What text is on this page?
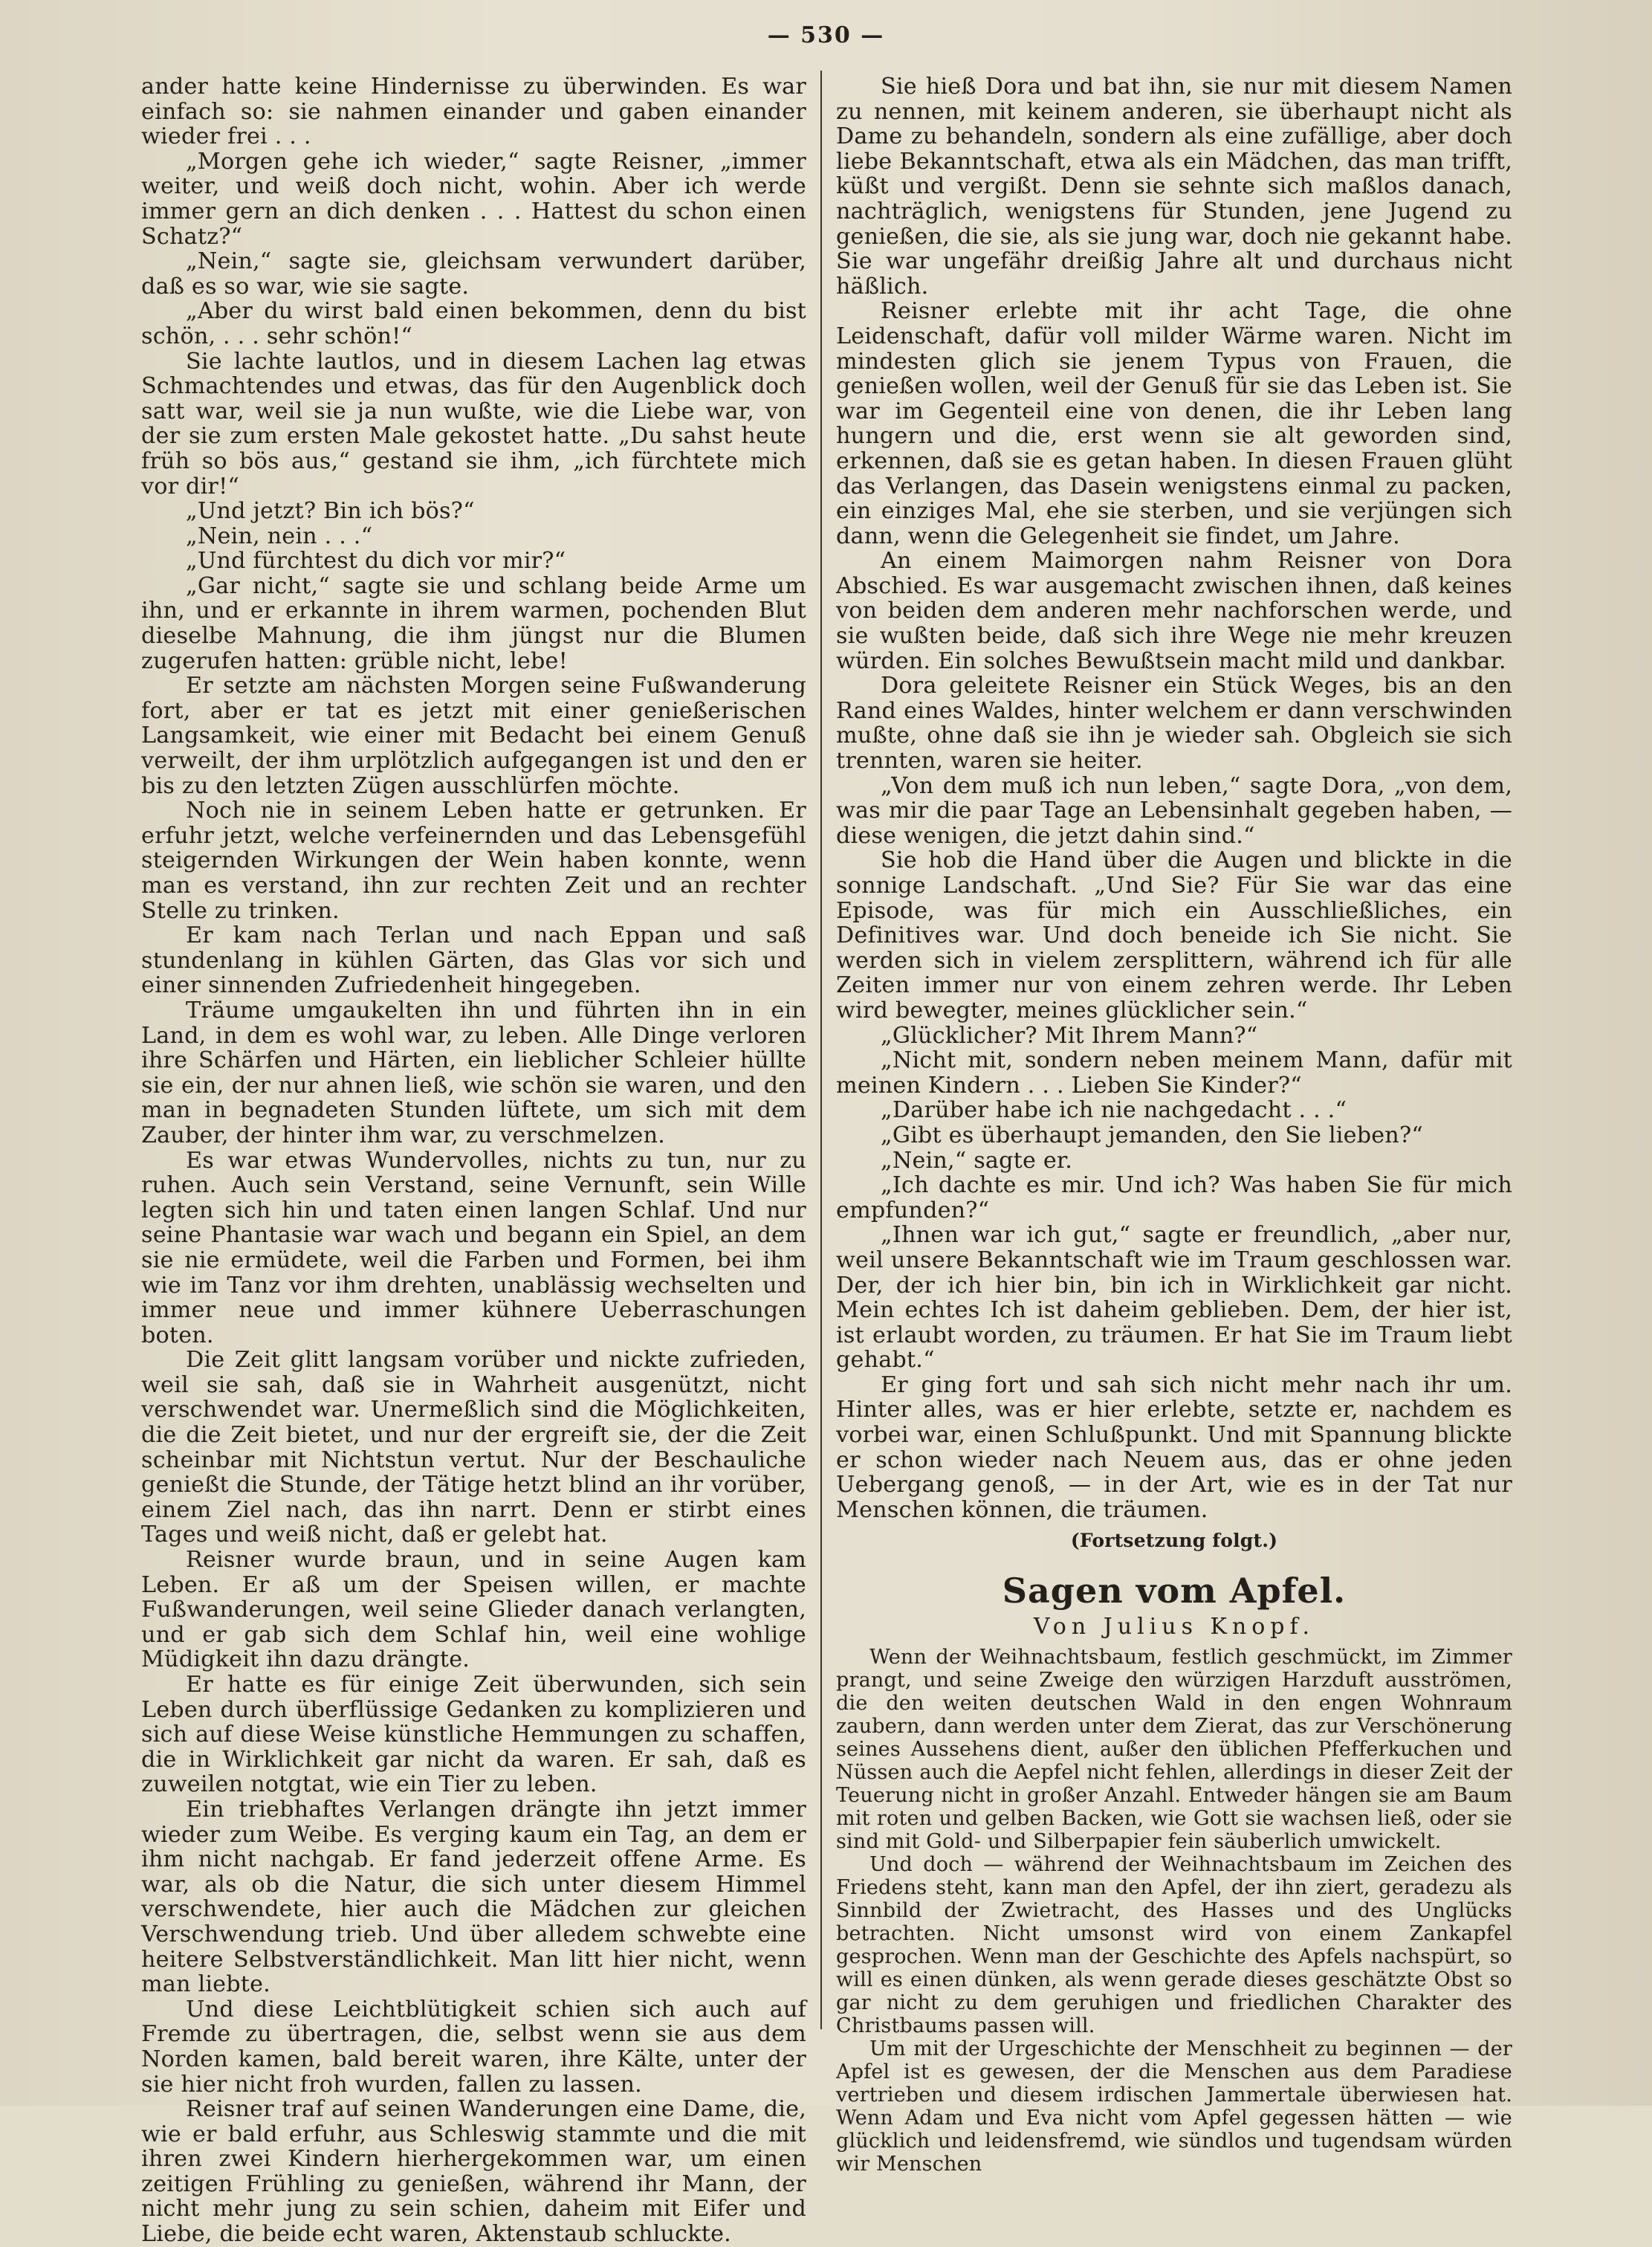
— 530 —

ander hatte keine Hindernisse zu überwinden. Es war einfach so: sie nahmen einander und gaben einander wieder frei . . .

„Morgen gehe ich wieder,“ sagte Reisner, „immer weiter, und weiß doch nicht, wohin. Aber ich werde immer gern an dich denken . . . Hattest du schon einen Schatz?“

„Nein,“ sagte sie, gleichsam verwundert darüber, daß es so war, wie sie sagte.

„Aber du wirst bald einen bekommen, denn du bist schön, . . . sehr schön!“

Sie lachte lautlos, und in diesem Lachen lag etwas Schmachtendes und etwas, das für den Augenblick doch satt war, weil sie ja nun wußte, wie die Liebe war, von der sie zum ersten Male gekostet hatte. „Du sahst heute früh so bös aus,“ gestand sie ihm, „ich fürchtete mich vor dir!“

„Und jetzt? Bin ich bös?“

„Nein, nein . . .“

„Und fürchtest du dich vor mir?“

„Gar nicht,“ sagte sie und schlang beide Arme um ihn, und er erkannte in ihrem warmen, pochenden Blut dieselbe Mahnung, die ihm jüngst nur die Blumen zugerufen hatten: grüble nicht, lebe!

Er setzte am nächsten Morgen seine Fußwanderung fort, aber er tat es jetzt mit einer genießerischen Langsamkeit, wie einer mit Bedacht bei einem Genuß verweilt, der ihm urplötzlich aufgegangen ist und den er bis zu den letzten Zügen ausschlürfen möchte.

Noch nie in seinem Leben hatte er getrunken. Er erfuhr jetzt, welche verfeinernden und das Lebensgefühl steigernden Wirkungen der Wein haben konnte, wenn man es verstand, ihn zur rechten Zeit und an rechter Stelle zu trinken.

Er kam nach Terlan und nach Eppan und saß stundenlang in kühlen Gärten, das Glas vor sich und einer sinnenden Zufriedenheit hingegeben.

Träume umgaukelten ihn und führten ihn in ein Land, in dem es wohl war, zu leben. Alle Dinge verloren ihre Schärfen und Härten, ein lieblicher Schleier hüllte sie ein, der nur ahnen ließ, wie schön sie waren, und den man in begnadeten Stunden lüftete, um sich mit dem Zauber, der hinter ihm war, zu verschmelzen.

Es war etwas Wundervolles, nichts zu tun, nur zu ruhen. Auch sein Verstand, seine Vernunft, sein Wille legten sich hin und taten einen langen Schlaf. Und nur seine Phantasie war wach und begann ein Spiel, an dem sie nie ermüdete, weil die Farben und Formen, bei ihm wie im Tanz vor ihm drehten, unablässig wechselten und immer neue und immer kühnere Ueberraschungen boten.

Die Zeit glitt langsam vorüber und nickte zufrieden, weil sie sah, daß sie in Wahrheit ausgenützt, nicht verschwendet war. Unermeßlich sind die Möglichkeiten, die die Zeit bietet, und nur der ergreift sie, der die Zeit scheinbar mit Nichtstun vertut. Nur der Beschauliche genießt die Stunde, der Tätige hetzt blind an ihr vorüber, einem Ziel nach, das ihn narrt. Denn er stirbt eines Tages und weiß nicht, daß er gelebt hat.

Reisner wurde braun, und in seine Augen kam Leben. Er aß um der Speisen willen, er machte Fußwanderungen, weil seine Glieder danach verlangten, und er gab sich dem Schlaf hin, weil eine wohlige Müdigkeit ihn dazu drängte.

Er hatte es für einige Zeit überwunden, sich sein Leben durch überflüssige Gedanken zu komplizieren und sich auf diese Weise künstliche Hemmungen zu schaffen, die in Wirklichkeit gar nicht da waren. Er sah, daß es zuweilen notgtat, wie ein Tier zu leben.

Ein triebhaftes Verlangen drängte ihn jetzt immer wieder zum Weibe. Es verging kaum ein Tag, an dem er ihm nicht nachgab. Er fand jederzeit offene Arme. Es war, als ob die Natur, die sich unter diesem Himmel verschwendete, hier auch die Mädchen zur gleichen Verschwendung trieb. Und über alledem schwebte eine heitere Selbstverständlichkeit. Man litt hier nicht, wenn man liebte.

Und diese Leichtblütigkeit schien sich auch auf Fremde zu übertragen, die, selbst wenn sie aus dem Norden kamen, bald bereit waren, ihre Kälte, unter der sie hier nicht froh wurden, fallen zu lassen.

Reisner traf auf seinen Wanderungen eine Dame, die, wie er bald erfuhr, aus Schleswig stammte und die mit ihren zwei Kindern hierhergekommen war, um einen zeitigen Frühling zu genießen, während ihr Mann, der nicht mehr jung zu sein schien, daheim mit Eifer und Liebe, die beide echt waren, Aktenstaub schluckte.

Sie hieß Dora und bat ihn, sie nur mit diesem Namen zu nennen, mit keinem anderen, sie überhaupt nicht als Dame zu behandeln, sondern als eine zufällige, aber doch liebe Bekanntschaft, etwa als ein Mädchen, das man trifft, küßt und vergißt. Denn sie sehnte sich maßlos danach, nachträglich, wenigstens für Stunden, jene Jugend zu genießen, die sie, als sie jung war, doch nie gekannt habe. Sie war ungefähr dreißig Jahre alt und durchaus nicht häßlich.

Reisner erlebte mit ihr acht Tage, die ohne Leidenschaft, dafür voll milder Wärme waren. Nicht im mindesten glich sie jenem Typus von Frauen, die genießen wollen, weil der Genuß für sie das Leben ist. Sie war im Gegenteil eine von denen, die ihr Leben lang hungern und die, erst wenn sie alt geworden sind, erkennen, daß sie es getan haben. In diesen Frauen glüht das Verlangen, das Dasein wenigstens einmal zu packen, ein einziges Mal, ehe sie sterben, und sie verjüngen sich dann, wenn die Gelegenheit sie findet, um Jahre.

An einem Maimorgen nahm Reisner von Dora Abschied. Es war ausgemacht zwischen ihnen, daß keines von beiden dem anderen mehr nachforschen werde, und sie wußten beide, daß sich ihre Wege nie mehr kreuzen würden. Ein solches Bewußtsein macht mild und dankbar.

Dora geleitete Reisner ein Stück Weges, bis an den Rand eines Waldes, hinter welchem er dann verschwinden mußte, ohne daß sie ihn je wieder sah. Obgleich sie sich trennten, waren sie heiter.

„Von dem muß ich nun leben,“ sagte Dora, „von dem, was mir die paar Tage an Lebensinhalt gegeben haben, — diese wenigen, die jetzt dahin sind.“

Sie hob die Hand über die Augen und blickte in die sonnige Landschaft. „Und Sie? Für Sie war das eine Episode, was für mich ein Ausschließliches, ein Definitives war. Und doch beneide ich Sie nicht. Sie werden sich in vielem zersplittern, während ich für alle Zeiten immer nur von einem zehren werde. Ihr Leben wird bewegter, meines glücklicher sein.“

„Glücklicher? Mit Ihrem Mann?“

„Nicht mit, sondern neben meinem Mann, dafür mit meinen Kindern . . . Lieben Sie Kinder?“

„Darüber habe ich nie nachgedacht . . .“

„Gibt es überhaupt jemanden, den Sie lieben?“

„Nein,“ sagte er.

„Ich dachte es mir. Und ich? Was haben Sie für mich empfunden?“

„Ihnen war ich gut,“ sagte er freundlich, „aber nur, weil unsere Bekanntschaft wie im Traum geschlossen war. Der, der ich hier bin, bin ich in Wirklichkeit gar nicht. Mein echtes Ich ist daheim geblieben. Dem, der hier ist, ist erlaubt worden, zu träumen. Er hat Sie im Traum liebt gehabt.“

Er ging fort und sah sich nicht mehr nach ihr um. Hinter alles, was er hier erlebte, setzte er, nachdem es vorbei war, einen Schlußpunkt. Und mit Spannung blickte er schon wieder nach Neuem aus, das er ohne jeden Uebergang genoß, — in der Art, wie es in der Tat nur Menschen können, die träumen.

(Fortsetzung folgt.)

Sagen vom Apfel.
Von Julius Knopf.

Wenn der Weihnachtsbaum, festlich geschmückt, im Zimmer prangt, und seine Zweige den würzigen Harzduft ausströmen, die den weiten deutschen Wald in den engen Wohnraum zaubern, dann werden unter dem Zierat, das zur Verschönerung seines Aussehens dient, außer den üblichen Pfefferkuchen und Nüssen auch die Aepfel nicht fehlen, allerdings in dieser Zeit der Teuerung nicht in großer Anzahl. Entweder hängen sie am Baum mit roten und gelben Backen, wie Gott sie wachsen ließ, oder sie sind mit Gold- und Silberpapier fein säuberlich umwickelt.

Und doch — während der Weihnachtsbaum im Zeichen des Friedens steht, kann man den Apfel, der ihn ziert, geradezu als Sinnbild der Zwietracht, des Hasses und des Unglücks betrachten. Nicht umsonst wird von einem Zankapfel gesprochen. Wenn man der Geschichte des Apfels nachspürt, so will es einen dünken, als wenn gerade dieses geschätzte Obst so gar nicht zu dem geruhigen und friedlichen Charakter des Christbaums passen will.

Um mit der Urgeschichte der Menschheit zu beginnen — der Apfel ist es gewesen, der die Menschen aus dem Paradiese vertrieben und diesem irdischen Jammertale überwiesen hat. Wenn Adam und Eva nicht vom Apfel gegessen hätten — wie glücklich und leidensfremd, wie sündlos und tugendsam würden wir Menschen
